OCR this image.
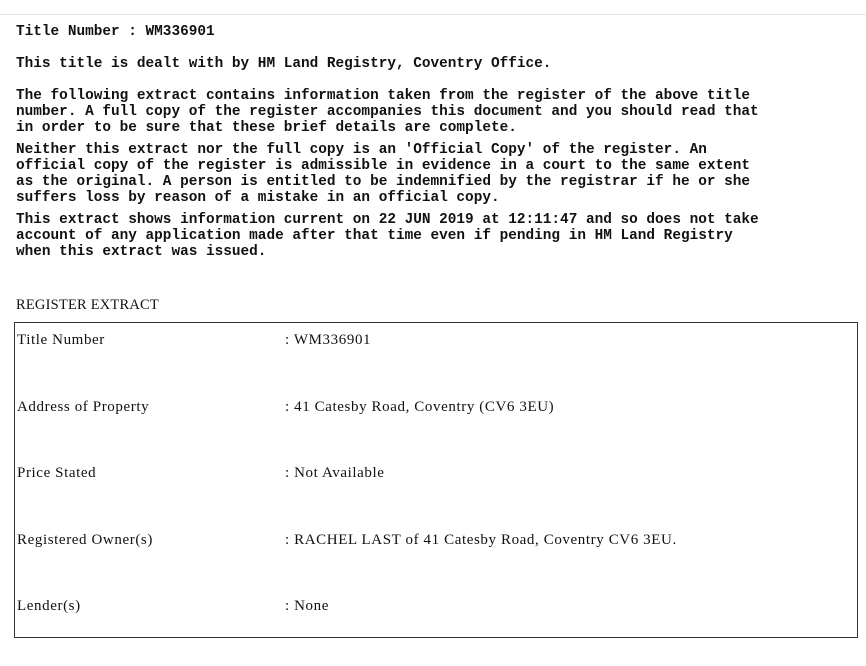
Title Number : WM336901

This title is dealt with by HM Land Registry, Coventry Office.

The following extract contains information taken from the register of the above title

number. A full copy of the register accompanies this document and you should read that

in order to be sure that these brief details are complete.

Neither this extract nor the full copy is an 'Official Copy' of the register. An

official copy of the register is admissible in evidence in a court to the same extent

as the original. A person is entitled to be indemnified by the registrar if he or she

suffers loss by reason of a mistake in an official copy.

This extract shows information current on 22 JUN 2019 at 12:11:47 and so does not take

account of any application made after that time even if pending in HM Land Registry

when this extract was issued.

REGISTER EXTRACT

Title Number

	: WM336901

Address of Property

	: 41 Catesby Road, Coventry (CV6 3EU)

Price Stated

	: Not Available

Registered Owner(s)

	: RACHEL LAST of 41 Catesby Road, Coventry CV6 3EU.

Lender(s)

	: None
